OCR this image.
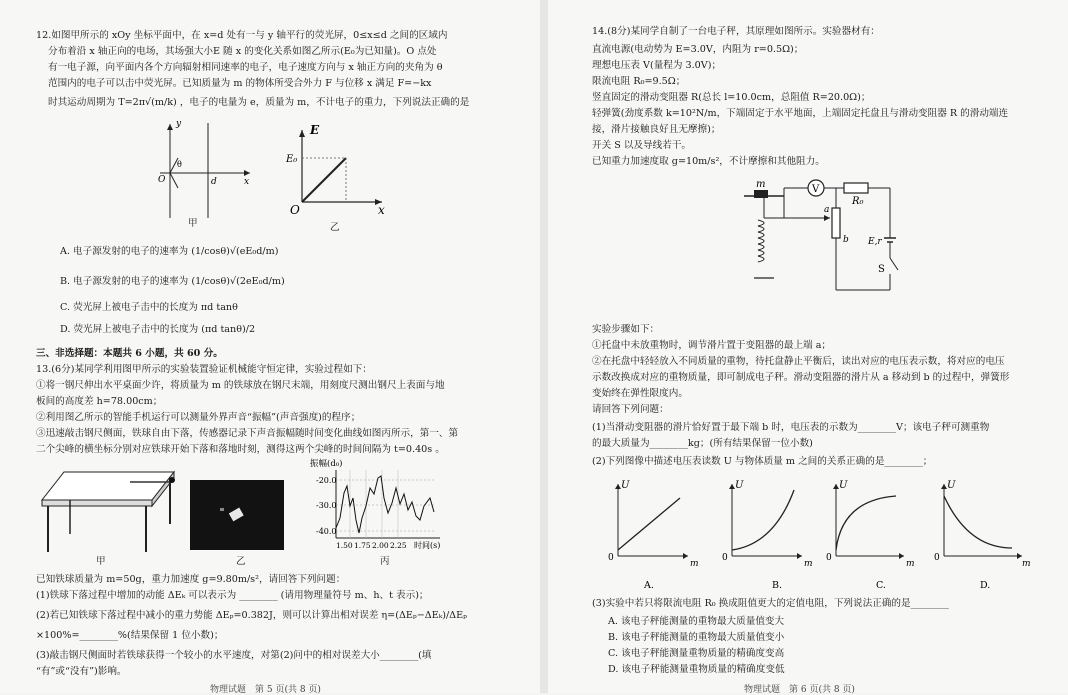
12.如图甲所示的 xOy 坐标平面中，在 x=d 处有一与 y 轴平行的荧光屏，0≤x≤d 之间的区域内
分布着沿 x 轴正向的电场，其场强大小E 随 x 的变化关系如图乙所示(E₀为已知量)。O 点处
有一电子源，向平面内各个方向辐射相同速率的电子，电子速度方向与 x 轴正方向的夹角为 θ
范围内的电子可以击中荧光屏。已知质量为 m 的物体所受合外力 F 与位移 x 满足 F=−kx
时其运动周期为 T=2π√(m/k) ，电子的电量为 e，质量为 m，不计电子的重力，下列说法正确的是
y
x
O
θ
d
甲
E
E₀
O	x
乙
A. 电子源发射的电子的速率为 (1/cosθ)√(eE₀d/m)
B. 电子源发射的电子的速率为 (1/cosθ)√(2eE₀d/m)
C. 荧光屏上被电子击中的长度为 πd tanθ
D. 荧光屏上被电子击中的长度为 (πd tanθ)/2
三、非选择题：本题共 6 小题，共 60 分。
13.(6分)某同学利用图甲所示的实验装置验证机械能守恒定律，实验过程如下：
①将一钢尺伸出水平桌面少许，将质量为 m 的铁球放在钢尺末端，用刻度尺测出钢尺上表面与地
板间的高度差 h=78.00cm；
②利用图乙所示的智能手机运行可以测量外界声音“振幅”(声音强度)的程序；
③迅速敲击钢尺侧面，铁球自由下落，传感器记录下声音振幅随时间变化曲线如图丙所示，第一、第
二个尖峰的横坐标分别对应铁球开始下落和落地时刻，测得这两个尖峰的时间间隔为 t=0.40s 。
甲	乙
振幅(d₀)
-20.0
-30.0
-40.0
1.50 1.75 2.00 2.25 时间(s)
丙
已知铁球质量为 m=50g，重力加速度 g=9.80m/s²，请回答下列问题：
(1)铁球下落过程中增加的动能 ΔEₖ 可以表示为 ________ (请用物理量符号 m、h、t 表示)；
(2)若已知铁球下落过程中减小的重力势能 ΔEₚ=0.382J，则可以计算出相对误差 η=(ΔEₚ−ΔEₖ)/ΔEₚ
×100%=________%(结果保留 1 位小数)；
(3)敲击钢尺侧面时若铁球获得一个较小的水平速度，对第(2)问中的相对误差大小________(填
“有”或“没有”)影响。
物理试题　第 5 页(共 8 页)
14.(8分)某同学自制了一台电子秤，其原理如图所示。实验器材有：
直流电源(电动势为 E=3.0V，内阻为 r=0.5Ω)；
理想电压表 V(量程为 3.0V)；
限流电阻 R₀=9.5Ω；
竖直固定的滑动变阻器 R(总长 l=10.0cm，总阻值 R=20.0Ω)；
轻弹簧(劲度系数 k=10²N/m，下端固定于水平地面，上端固定托盘且与滑动变阻器 R 的滑动端连
接，滑片接触良好且无摩擦)；
开关 S 以及导线若干。
已知重力加速度取 g=10m/s²，不计摩擦和其他阻力。
m	V
R₀
a
b E,r
S
实验步骤如下：
①托盘中未放重物时，调节滑片置于变阻器的最上端 a；
②在托盘中轻轻放入不同质量的重物，待托盘静止平衡后，读出对应的电压表示数，将对应的电压
示数改换成对应的重物质量，即可制成电子秤。滑动变阻器的滑片从 a 移动到 b 的过程中，弹簧形
变始终在弹性限度内。
请回答下列问题：
(1)当滑动变阻器的滑片恰好置于最下端 b 时，电压表的示数为________V；该电子秤可测重物
的最大质量为________kg；(所有结果保留一位小数)
(2)下列图像中描述电压表读数 U 与物体质量 m 之间的关系正确的是________；
U
0
m
A.
U
0
m
B.
U
0
m
C.
U
0
m
D.
(3)实验中若只将限流电阻 R₀ 换成阻值更大的定值电阻，下列说法正确的是________
A. 该电子秤能测量的重物最大质量值变大
B. 该电子秤能测量的重物最大质量值变小
C. 该电子秤能测量重物质量的精确度变高
D. 该电子秤能测量重物质量的精确度变低
物理试题　第 6 页(共 8 页)
